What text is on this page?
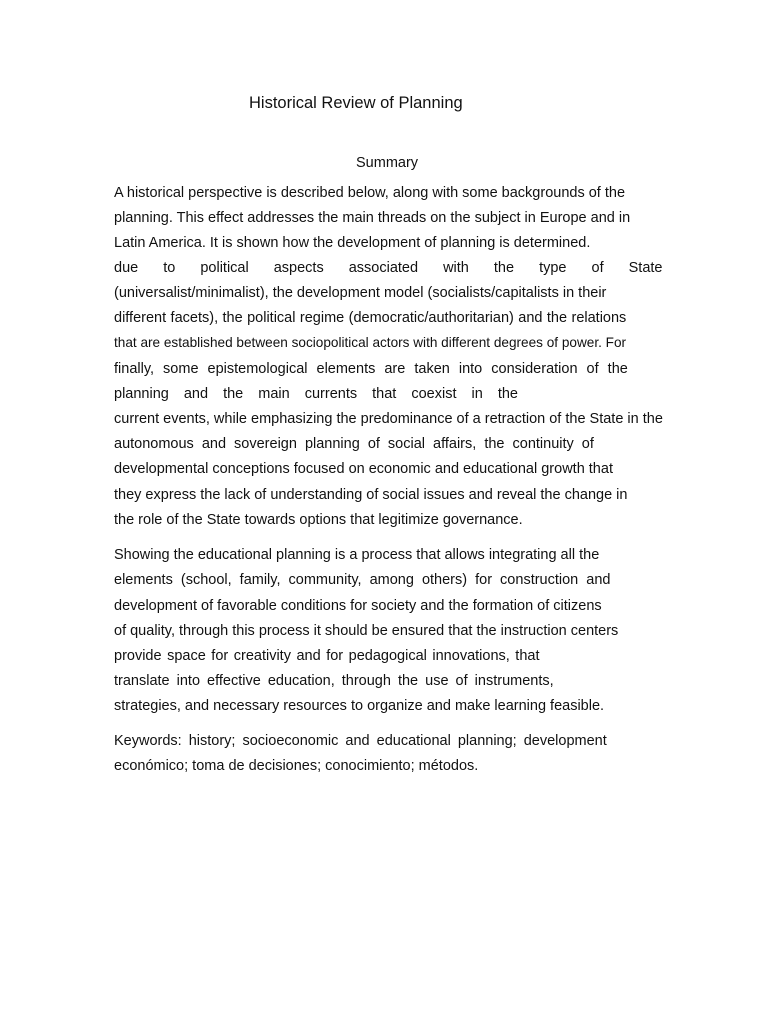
Historical Review of Planning
Summary
A historical perspective is described below, along with some backgrounds of the
planning. This effect addresses the main threads on the subject in Europe and in
Latin America. It is shown how the development of planning is determined.
due to political aspects associated with the type of State
(universalist/minimalist), the development model (socialists/capitalists in their
different facets), the political regime (democratic/authoritarian) and the relations
that are established between sociopolitical actors with different degrees of power. For
finally, some epistemological elements are taken into consideration of the
planning and the main currents that coexist in the
current events, while emphasizing the predominance of a retraction of the State in the
autonomous and sovereign planning of social affairs, the continuity of
developmental conceptions focused on economic and educational growth that
they express the lack of understanding of social issues and reveal the change in
the role of the State towards options that legitimize governance.
Showing the educational planning is a process that allows integrating all the
elements (school, family, community, among others) for construction and
development of favorable conditions for society and the formation of citizens
of quality, through this process it should be ensured that the instruction centers
provide space for creativity and for pedagogical innovations, that
translate into effective education, through the use of instruments,
strategies, and necessary resources to organize and make learning feasible.
Keywords: history; socioeconomic and educational planning; development
económico; toma de decisiones; conocimiento; métodos.
